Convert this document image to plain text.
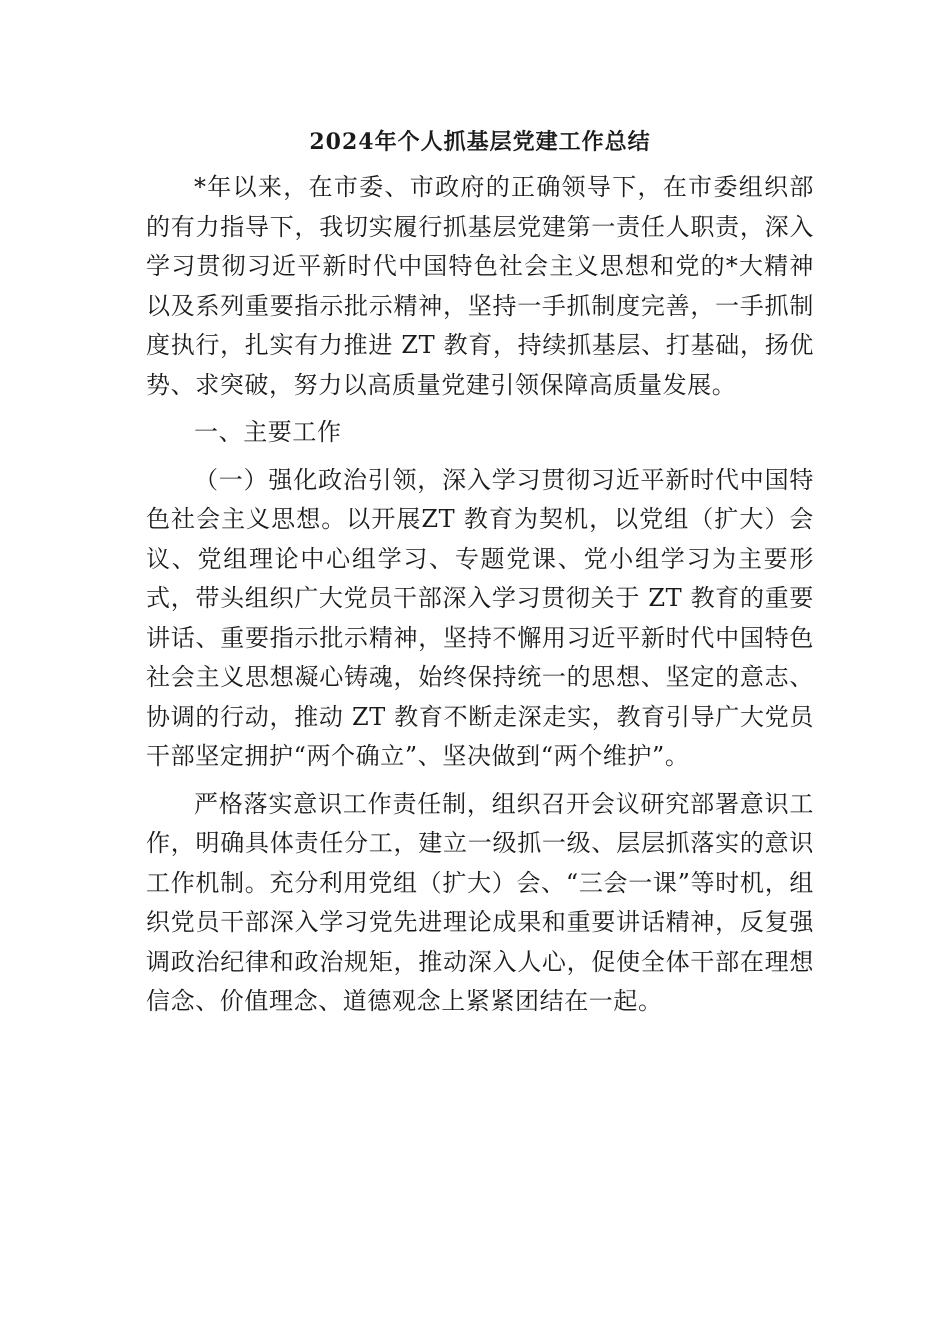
2024年个人抓基层党建工作总结

*年以来，在市委、市政府的正确领导下，在市委组织部的有力指导下，我切实履行抓基层党建第一责任人职责，深入学习贯彻习近平新时代中国特色社会主义思想和党的*大精神以及系列重要指示批示精神，坚持一手抓制度完善，一手抓制度执行，扎实有力推进 ZT 教育，持续抓基层、打基础，扬优势、求突破，努力以高质量党建引领保障高质量发展。

一、主要工作

（一）强化政治引领，深入学习贯彻习近平新时代中国特色社会主义思想。以开展ZT 教育为契机，以党组（扩大）会议、党组理论中心组学习、专题党课、党小组学习为主要形式，带头组织广大党员干部深入学习贯彻关于 ZT 教育的重要讲话、重要指示批示精神，坚持不懈用习近平新时代中国特色社会主义思想凝心铸魂，始终保持统一的思想、坚定的意志、协调的行动，推动 ZT 教育不断走深走实，教育引导广大党员干部坚定拥护“两个确立”、坚决做到“两个维护”。

严格落实意识工作责任制，组织召开会议研究部署意识工作，明确具体责任分工，建立一级抓一级、层层抓落实的意识工作机制。充分利用党组（扩大）会、“三会一课”等时机，组织党员干部深入学习党先进理论成果和重要讲话精神，反复强调政治纪律和政治规矩，推动深入人心，促使全体干部在理想信念、价值理念、道德观念上紧紧团结在一起。
